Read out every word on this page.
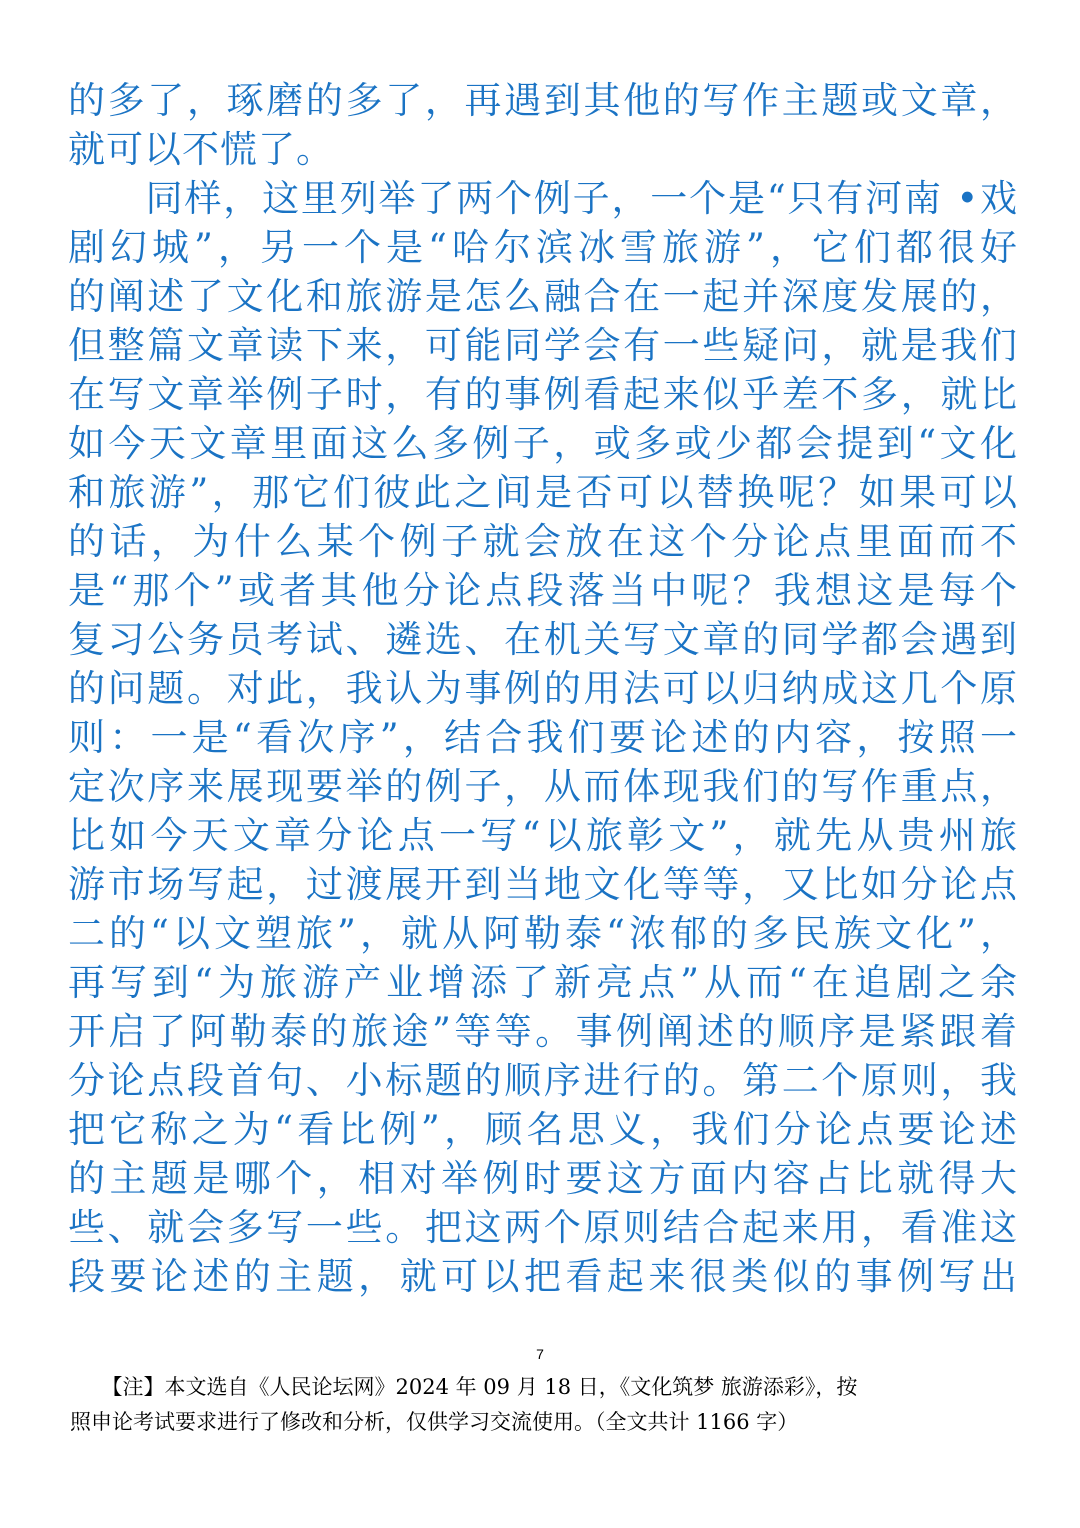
的多了，琢磨的多了，再遇到其他的写作主题或文章，
就可以不慌了。
　　同样，这里列举了两个例子，一个是“只有河南 •戏
剧幻城”，另一个是“哈尔滨冰雪旅游”，它们都很好
的阐述了文化和旅游是怎么融合在一起并深度发展的，
但整篇文章读下来，可能同学会有一些疑问，就是我们
在写文章举例子时，有的事例看起来似乎差不多，就比
如今天文章里面这么多例子，或多或少都会提到“文化
和旅游”，那它们彼此之间是否可以替换呢？如果可以
的话，为什么某个例子就会放在这个分论点里面而不
是“那个”或者其他分论点段落当中呢？我想这是每个
复习公务员考试、遴选、在机关写文章的同学都会遇到
的问题。对此，我认为事例的用法可以归纳成这几个原
则：一是“看次序”，结合我们要论述的内容，按照一
定次序来展现要举的例子，从而体现我们的写作重点，
比如今天文章分论点一写“以旅彰文”，就先从贵州旅
游市场写起，过渡展开到当地文化等等，又比如分论点
二的“以文塑旅”，就从阿勒泰“浓郁的多民族文化”，
再写到“为旅游产业增添了新亮点”从而“在追剧之余
开启了阿勒泰的旅途”等等。事例阐述的顺序是紧跟着
分论点段首句、小标题的顺序进行的。第二个原则，我
把它称之为“看比例”，顾名思义，我们分论点要论述
的主题是哪个，相对举例时要这方面内容占比就得大
些、就会多写一些。把这两个原则结合起来用，看准这
段要论述的主题，就可以把看起来很类似的事例写出
7
　　【注】本文选自《人民论坛网》2024 年 09 月 18 日，《文化筑梦 旅游添彩》，按
照申论考试要求进行了修改和分析，仅供学习交流使用。（全文共计 1166 字）
